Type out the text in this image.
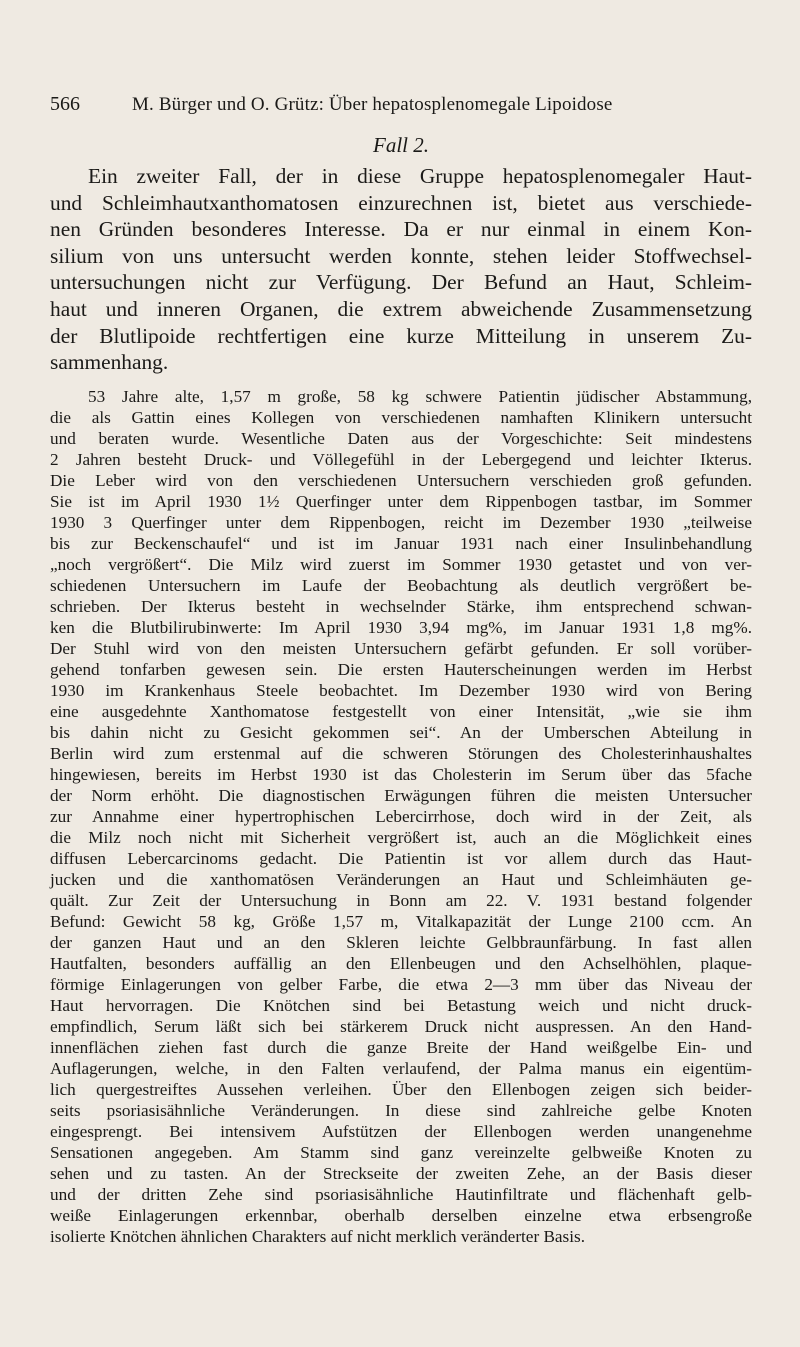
566	M. Bürger und O. Grütz: Über hepatosplenomegale Lipoidose
Fall 2.
Ein zweiter Fall, der in diese Gruppe hepatosplenomegaler Haut-
und Schleimhautxanthomatosen einzurechnen ist, bietet aus verschiede-
nen Gründen besonderes Interesse. Da er nur einmal in einem Kon-
silium von uns untersucht werden konnte, stehen leider Stoffwechsel-
untersuchungen nicht zur Verfügung. Der Befund an Haut, Schleim-
haut und inneren Organen, die extrem abweichende Zusammensetzung
der Blutlipoide rechtfertigen eine kurze Mitteilung in unserem Zu-
sammenhang.
53 Jahre alte, 1,57 m große, 58 kg schwere Patientin jüdischer Abstammung,
die als Gattin eines Kollegen von verschiedenen namhaften Klinikern untersucht
und beraten wurde. Wesentliche Daten aus der Vorgeschichte: Seit mindestens
2 Jahren besteht Druck- und Völlegefühl in der Lebergegend und leichter Ikterus.
Die Leber wird von den verschiedenen Untersuchern verschieden groß gefunden.
Sie ist im April 1930 1½ Querfinger unter dem Rippenbogen tastbar, im Sommer
1930 3 Querfinger unter dem Rippenbogen, reicht im Dezember 1930 „teilweise
bis zur Beckenschaufel“ und ist im Januar 1931 nach einer Insulinbehandlung
„noch vergrößert“. Die Milz wird zuerst im Sommer 1930 getastet und von ver-
schiedenen Untersuchern im Laufe der Beobachtung als deutlich vergrößert be-
schrieben. Der Ikterus besteht in wechselnder Stärke, ihm entsprechend schwan-
ken die Blutbilirubinwerte: Im April 1930 3,94 mg%, im Januar 1931 1,8 mg%.
Der Stuhl wird von den meisten Untersuchern gefärbt gefunden. Er soll vorüber-
gehend tonfarben gewesen sein. Die ersten Hauterscheinungen werden im Herbst
1930 im Krankenhaus Steele beobachtet. Im Dezember 1930 wird von Bering
eine ausgedehnte Xanthomatose festgestellt von einer Intensität, „wie sie ihm
bis dahin nicht zu Gesicht gekommen sei“. An der Umberschen Abteilung in
Berlin wird zum erstenmal auf die schweren Störungen des Cholesterinhaushaltes
hingewiesen, bereits im Herbst 1930 ist das Cholesterin im Serum über das 5fache
der Norm erhöht. Die diagnostischen Erwägungen führen die meisten Untersucher
zur Annahme einer hypertrophischen Lebercirrhose, doch wird in der Zeit, als
die Milz noch nicht mit Sicherheit vergrößert ist, auch an die Möglichkeit eines
diffusen Lebercarcinoms gedacht. Die Patientin ist vor allem durch das Haut-
jucken und die xanthomatösen Veränderungen an Haut und Schleimhäuten ge-
quält. Zur Zeit der Untersuchung in Bonn am 22. V. 1931 bestand folgender
Befund: Gewicht 58 kg, Größe 1,57 m, Vitalkapazität der Lunge 2100 ccm. An
der ganzen Haut und an den Skleren leichte Gelbbraunfärbung. In fast allen
Hautfalten, besonders auffällig an den Ellenbeugen und den Achselhöhlen, plaque-
förmige Einlagerungen von gelber Farbe, die etwa 2—3 mm über das Niveau der
Haut hervorragen. Die Knötchen sind bei Betastung weich und nicht druck-
empfindlich, Serum läßt sich bei stärkerem Druck nicht auspressen. An den Hand-
innenflächen ziehen fast durch die ganze Breite der Hand weißgelbe Ein- und
Auflagerungen, welche, in den Falten verlaufend, der Palma manus ein eigentüm-
lich quergestreiftes Aussehen verleihen. Über den Ellenbogen zeigen sich beider-
seits psoriasisähnliche Veränderungen. In diese sind zahlreiche gelbe Knoten
eingesprengt. Bei intensivem Aufstützen der Ellenbogen werden unangenehme
Sensationen angegeben. Am Stamm sind ganz vereinzelte gelbweiße Knoten zu
sehen und zu tasten. An der Streckseite der zweiten Zehe, an der Basis dieser
und der dritten Zehe sind psoriasisähnliche Hautinfiltrate und flächenhaft gelb-
weiße Einlagerungen erkennbar, oberhalb derselben einzelne etwa erbsengroße
isolierte Knötchen ähnlichen Charakters auf nicht merklich veränderter Basis.
